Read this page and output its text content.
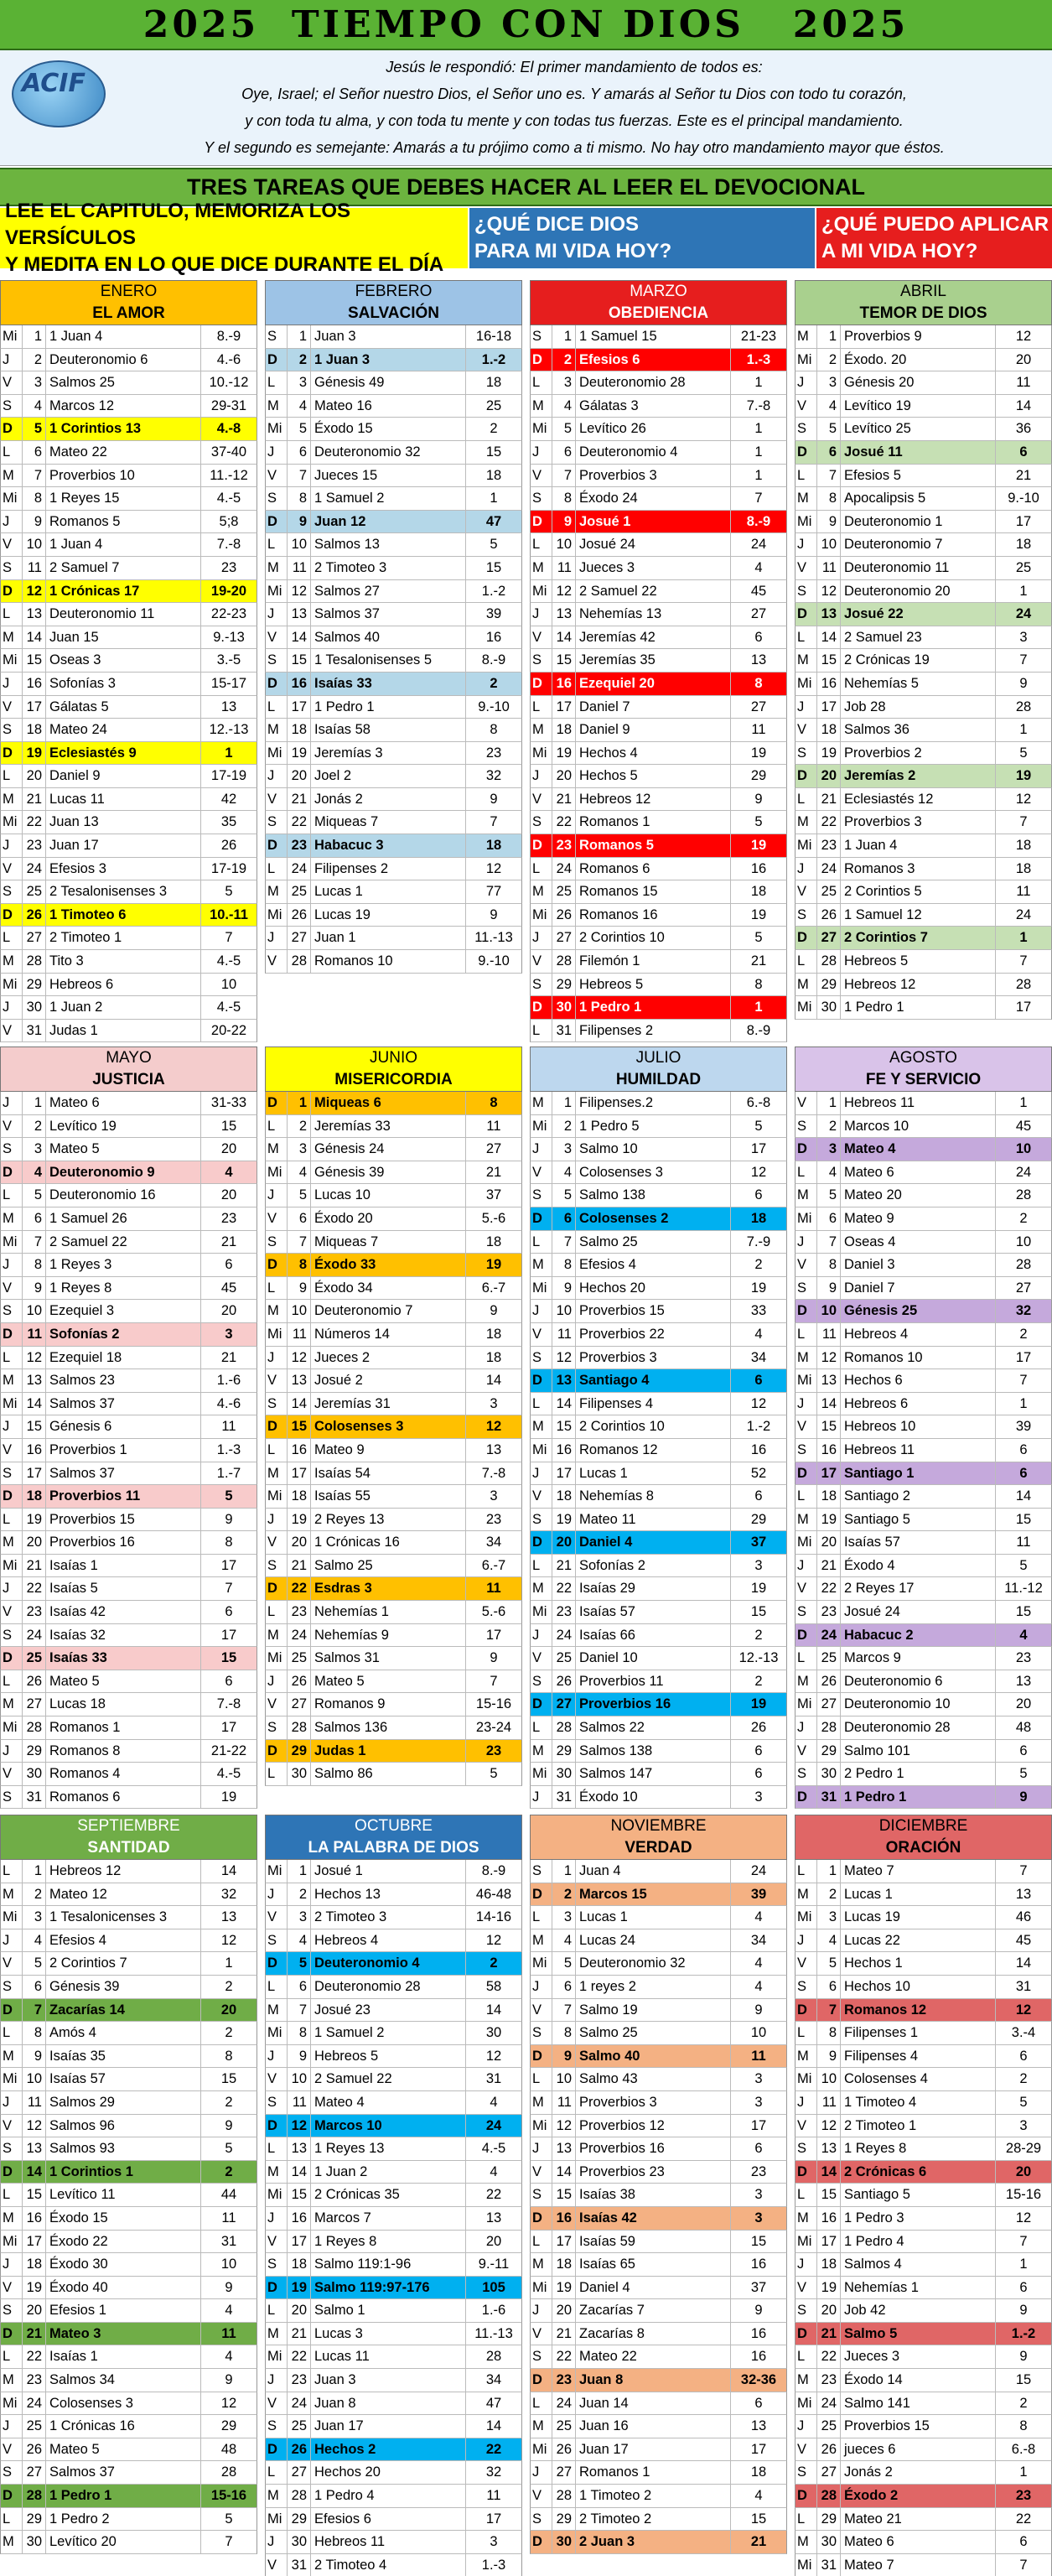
2025  TIEMPO CON DIOS   2025
ACIF
Jesús le respondió: El primer mandamiento de todos es:
Oye, Israel; el Señor nuestro Dios, el Señor uno es. Y amarás al Señor tu Dios con todo tu corazón,
y con toda tu alma, y con toda tu mente y con todas tus fuerzas. Este es el principal mandamiento.
Y el segundo es semejante: Amarás a tu prójimo como a ti mismo. No hay otro mandamiento mayor que éstos.
TRES TAREAS QUE DEBES HACER AL LEER EL DEVOCIONAL
LEE EL CAPITULO, MEMORIZA LOS VERSÍCULOS
Y MEDITA EN LO QUE DICE DURANTE EL DÍA
¿QUÉ DICE DIOS
PARA MI VIDA HOY?
¿QUÉ PUEDO APLICAR
A MI VIDA HOY?
ENERO
EL AMOR
Mi	1 1 Juan 4	8.-9
J	2 Deuteronomio 6	4.-6
V	3 Salmos 25	10.-12
S	4 Marcos 12	29-31
D	5 1 Corintios 13	4.-8
L	6 Mateo 22	37-40
M	7 Proverbios 10	11.-12
Mi	8 1 Reyes 15	4.-5
J	9 Romanos 5	5;8
V	10 1 Juan 4	7.-8
S	11 2 Samuel 7	23
D	12 1 Crónicas 17	19-20
L	13 Deuteronomio 11	22-23
M 14 Juan 15	9.-13
Mi 15 Oseas 3	3.-5
J	16 Sofonías 3	15-17
V	17 Gálatas 5	13
S	18 Mateo 24	12.-13
D	19 Eclesiastés 9	1
L	20 Daniel 9	17-19
M 21 Lucas 11	42
Mi 22 Juan 13	35
J	23 Juan 17	26
V	24 Efesios 3	17-19
S	25 2 Tesalonisenses 3	5
D	26 1 Timoteo 6	10.-11
L	27 2 Timoteo 1	7
M 28 Tito 3	4.-5
Mi 29 Hebreos 6	10
J	30 1 Juan 2	4.-5
V	31 Judas 1	20-22
FEBRERO
SALVACIÓN
S	1 Juan 3	16-18
D	2 1 Juan 3	1.-2
L	3 Génesis 49	18
M	4 Mateo 16	25
Mi	5 Éxodo 15	2
J	6 Deuteronomio 32	15
V	7 Jueces 15	18
S	8 1 Samuel 2	1
D	9 Juan 12	47
L	10 Salmos 13	5
M 11 2 Timoteo 3	15
Mi 12 Salmos 27	1.-2
J	13 Salmos 37	39
V	14 Salmos 40	16
S	15 1 Tesalonisenses 5	8.-9
D	16 Isaías 33	2
L	17 1 Pedro 1	9.-10
M 18 Isaías 58	8
Mi 19 Jeremías 3	23
J	20 Joel 2	32
V	21 Jonás 2	9
S	22 Miqueas 7	7
D	23 Habacuc 3	18
L	24 Filipenses 2	12
M 25 Lucas 1	77
Mi 26 Lucas 19	9
J	27 Juan 1	11.-13
V	28 Romanos 10	9.-10
MARZO
OBEDIENCIA
S	1 1 Samuel 15	21-23
D	2 Efesios 6	1.-3
L	3 Deuteronomio 28	1
M	4 Gálatas 3	7.-8
Mi	5 Levítico 26	1
J	6 Deuteronomio 4	1
V	7 Proverbios 3	1
S	8 Éxodo 24	7
D	9 Josué 1	8.-9
L	10 Josué 24	24
M 11 Jueces 3	4
Mi 12 2 Samuel 22	45
J	13 Nehemías 13	27
V	14 Jeremías 42	6
S	15 Jeremías 35	13
D	16 Ezequiel 20	8
L	17 Daniel 7	27
M 18 Daniel 9	11
Mi 19 Hechos 4	19
J	20 Hechos 5	29
V	21 Hebreos 12	9
S	22 Romanos 1	5
D	23 Romanos 5	19
L	24 Romanos 6	16
M 25 Romanos 15	18
Mi 26 Romanos 16	19
J	27 2 Corintios 10	5
V	28 Filemón 1	21
S	29 Hebreos 5	8
D	30 1 Pedro 1	1
L	31 Filipenses 2	8.-9
ABRIL
TEMOR DE DIOS
M	1 Proverbios 9	12
Mi	2 Éxodo. 20	20
J	3 Génesis 20	11
V	4 Levítico 19	14
S	5 Levítico 25	36
D	6 Josué 11	6
L	7 Efesios 5	21
M	8 Apocalipsis 5	9.-10
Mi	9 Deuteronomio 1	17
J	10 Deuteronomio 7	18
V	11 Deuteronomio 11	25
S	12 Deuteronomio 20	1
D	13 Josué 22	24
L	14 2 Samuel 23	3
M 15 2 Crónicas 19	7
Mi 16 Nehemías 5	9
J	17 Job 28	28
V	18 Salmos 36	1
S	19 Proverbios 2	5
D	20 Jeremías 2	19
L	21 Eclesiastés 12	12
M 22 Proverbios 3	7
Mi 23 1 Juan 4	18
J	24 Romanos 3	18
V	25 2 Corintios 5	11
S	26 1 Samuel 12	24
D	27 2 Corintios 7	1
L	28 Hebreos 5	7
M 29 Hebreos 12	28
Mi 30 1 Pedro 1	17
MAYO
JUSTICIA
J	1 Mateo 6	31-33
V	2 Levítico 19	15
S	3 Mateo 5	20
D	4 Deuteronomio 9	4
L	5 Deuteronomio 16	20
M	6 1 Samuel 26	23
Mi	7 2 Samuel 22	21
J	8 1 Reyes 3	6
V	9 1 Reyes 8	45
S	10 Ezequiel 3	20
D	11 Sofonías 2	3
L	12 Ezequiel 18	21
M 13 Salmos 23	1.-6
Mi 14 Salmos 37	4.-6
J	15 Génesis 6	11
V	16 Proverbios 1	1.-3
S	17 Salmos 37	1.-7
D	18 Proverbios 11	5
L	19 Proverbios 15	9
M 20 Proverbios 16	8
Mi 21 Isaías 1	17
J	22 Isaías 5	7
V	23 Isaías 42	6
S	24 Isaías 32	17
D	25 Isaías 33	15
L	26 Mateo 5	6
M 27 Lucas 18	7.-8
Mi 28 Romanos 1	17
J	29 Romanos 8	21-22
V	30 Romanos 4	4.-5
S	31 Romanos 6	19
JUNIO
MISERICORDIA
D	1 Miqueas 6	8
L	2 Jeremías 33	11
M	3 Génesis 24	27
Mi	4 Génesis 39	21
J	5 Lucas 10	37
V	6 Éxodo 20	5.-6
S	7 Miqueas 7	18
D	8 Éxodo 33	19
L	9 Éxodo 34	6.-7
M 10 Deuteronomio 7	9
Mi 11 Números 14	18
J	12 Jueces 2	18
V	13 Josué 2	14
S	14 Jeremías 31	3
D	15 Colosenses 3	12
L	16 Mateo 9	13
M 17 Isaías 54	7.-8
Mi 18 Isaías 55	3
J	19 2 Reyes 13	23
V	20 1 Crónicas 16	34
S	21 Salmo 25	6.-7
D	22 Esdras 3	11
L	23 Nehemías 1	5.-6
M 24 Nehemías 9	17
Mi 25 Salmos 31	9
J	26 Mateo 5	7
V	27 Romanos 9	15-16
S	28 Salmos 136	23-24
D	29 Judas 1	23
L	30 Salmo 86	5
JULIO
HUMILDAD
M	1 Filipenses.2	6.-8
Mi	2 1 Pedro 5	5
J	3 Salmo 10	17
V	4 Colosenses 3	12
S	5 Salmo 138	6
D	6 Colosenses 2	18
L	7 Salmo 25	7.-9
M	8 Efesios 4	2
Mi	9 Hechos 20	19
J	10 Proverbios 15	33
V	11 Proverbios 22	4
S	12 Proverbios 3	34
D	13 Santiago 4	6
L	14 Filipenses 4	12
M 15 2 Corintios 10	1.-2
Mi 16 Romanos 12	16
J	17 Lucas 1	52
V	18 Nehemías 8	6
S	19 Mateo 11	29
D	20 Daniel 4	37
L	21 Sofonías 2	3
M 22 Isaías 29	19
Mi 23 Isaías 57	15
J	24 Isaías 66	2
V	25 Daniel 10	12.-13
S	26 Proverbios 11	2
D	27 Proverbios 16	19
L	28 Salmos 22	26
M 29 Salmos 138	6
Mi 30 Salmos 147	6
J	31 Éxodo 10	3
AGOSTO
FE Y SERVICIO
V	1 Hebreos 11	1
S	2 Marcos 10	45
D	3 Mateo 4	10
L	4 Mateo 6	24
M	5 Mateo 20	28
Mi	6 Mateo 9	2
J	7 Oseas 4	10
V	8 Daniel 3	28
S	9 Daniel 7	27
D	10 Génesis 25	32
L	11 Hebreos 4	2
M 12 Romanos 10	17
Mi 13 Hechos 6	7
J	14 Hebreos 6	1
V	15 Hebreos 10	39
S	16 Hebreos 11	6
D	17 Santiago 1	6
L	18 Santiago 2	14
M 19 Santiago 5	15
Mi 20 Isaías 57	11
J	21 Éxodo 4	5
V	22 2 Reyes 17	11.-12
S	23 Josué 24	15
D	24 Habacuc 2	4
L	25 Marcos 9	23
M 26 Deuteronomio 6	13
Mi 27 Deuteronomio 10	20
J	28 Deuteronomio 28	48
V	29 Salmo 101	6
S	30 2 Pedro 1	5
D	31 1 Pedro 1	9
SEPTIEMBRE
SANTIDAD
L	1 Hebreos 12	14
M	2 Mateo 12	32
Mi	3 1 Tesalonicenses 3	13
J	4 Efesios 4	12
V	5 2 Corintios 7	1
S	6 Génesis 39	2
D	7 Zacarías 14	20
L	8 Amós 4	2
M	9 Isaías 35	8
Mi 10 Isaías 57	15
J	11 Salmos 29	2
V	12 Salmos 96	9
S	13 Salmos 93	5
D	14 1 Corintios 1	2
L	15 Levítico 11	44
M 16 Éxodo 15	11
Mi 17 Éxodo 22	31
J	18 Éxodo 30	10
V	19 Éxodo 40	9
S	20 Efesios 1	4
D	21 Mateo 3	11
L	22 Isaías 1	4
M 23 Salmos 34	9
Mi 24 Colosenses 3	12
J	25 1 Crónicas 16	29
V	26 Mateo 5	48
S	27 Salmos 37	28
D	28 1 Pedro 1	15-16
L	29 1 Pedro 2	5
M 30 Levítico 20	7
OCTUBRE
LA PALABRA DE DIOS
Mi	1 Josué 1	8.-9
J	2 Hechos 13	46-48
V	3 2 Timoteo 3	14-16
S	4 Hebreos 4	12
D	5 Deuteronomio 4	2
L	6 Deuteronomio 28	58
M	7 Josué 23	14
Mi	8 1 Samuel 2	30
J	9 Hebreos 5	12
V	10 2 Samuel 22	31
S	11 Mateo 4	4
D	12 Marcos 10	24
L	13 1 Reyes 13	4.-5
M 14 1 Juan 2	4
Mi 15 2 Crónicas 35	22
J	16 Marcos 7	13
V	17 1 Reyes 8	20
S	18 Salmo 119:1-96	9.-11
D	19 Salmo 119:97-176	105
L	20 Salmo 1	1.-6
M 21 Lucas 3	11.-13
Mi 22 Lucas 11	28
J	23 Juan 3	34
V	24 Juan 8	47
S	25 Juan 17	14
D	26 Hechos 2	22
L	27 Hechos 20	32
M 28 1 Pedro 4	11
Mi 29 Efesios 6	17
J	30 Hebreos 11	3
V	31 2 Timoteo 4	1.-3
NOVIEMBRE
VERDAD
S	1 Juan 4	24
D	2 Marcos 15	39
L	3 Lucas 1	4
M	4 Lucas 24	34
Mi	5 Deuteronomio 32	4
J	6 1 reyes 2	4
V	7 Salmo 19	9
S	8 Salmo 25	10
D	9 Salmo 40	11
L	10 Salmo 43	3
M 11 Proverbios 3	3
Mi 12 Proverbios 12	17
J	13 Proverbios 16	6
V	14 Proverbios 23	23
S	15 Isaías 38	3
D	16 Isaías 42	3
L	17 Isaías 59	15
M 18 Isaías 65	16
Mi 19 Daniel 4	37
J	20 Zacarías 7	9
V	21 Zacarías 8	16
S	22 Mateo 22	16
D	23 Juan 8	32-36
L	24 Juan 14	6
M 25 Juan 16	13
Mi 26 Juan 17	17
J	27 Romanos 1	18
V	28 1 Timoteo 2	4
S	29 2 Timoteo 2	15
D	30 2 Juan 3	21
DICIEMBRE
ORACIÓN
L	1 Mateo 7	7
M	2 Lucas 1	13
Mi	3 Lucas 19	46
J	4 Lucas 22	45
V	5 Hechos 1	14
S	6 Hechos 10	31
D	7 Romanos 12	12
L	8 Filipenses 1	3.-4
M	9 Filipenses 4	6
Mi 10 Colosenses 4	2
J	11 1 Timoteo 4	5
V	12 2 Timoteo 1	3
S	13 1 Reyes 8	28-29
D	14 2 Crónicas 6	20
L	15 Santiago 5	15-16
M 16 1 Pedro 3	12
Mi 17 1 Pedro 4	7
J	18 Salmos 4	1
V	19 Nehemías 1	6
S	20 Job 42	9
D	21 Salmo 5	1.-2
L	22 Jueces 3	9
M 23 Éxodo 14	15
Mi 24 Salmo 141	2
J	25 Proverbios 15	8
V	26 jueces 6	6.-8
S	27 Jonás 2	1
D	28 Éxodo 2	23
L	29 Mateo 21	22
M 30 Mateo 6	6
Mi 31 Mateo 7	7
